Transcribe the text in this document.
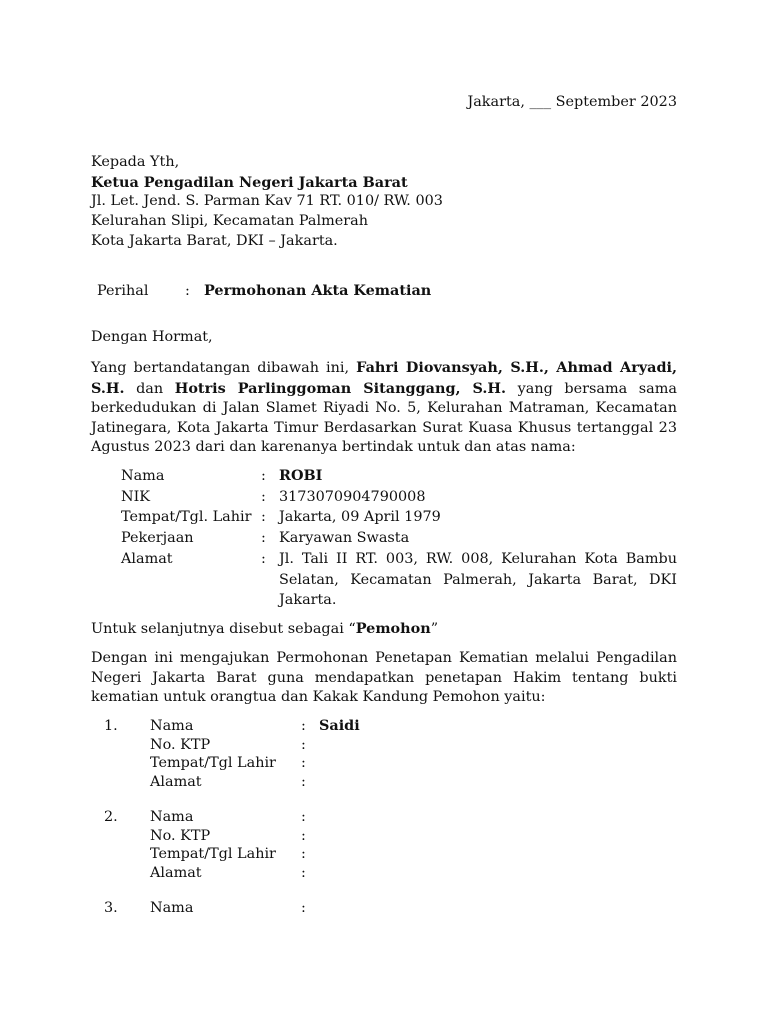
Jakarta, ___ September 2023
Kepada Yth,
Ketua Pengadilan Negeri Jakarta Barat
Jl. Let. Jend. S. Parman Kav 71 RT. 010/ RW. 003
Kelurahan Slipi, Kecamatan Palmerah
Kota Jakarta Barat, DKI – Jakarta.
Perihal	: Permohonan Akta Kematian
Dengan Hormat,
Yang bertandatangan dibawah ini, Fahri Diovansyah, S.H., Ahmad Aryadi, S.H. dan Hotris Parlinggoman Sitanggang, S.H. yang bersama sama berkedudukan di Jalan Slamet Riyadi No. 5, Kelurahan Matraman, Kecamatan Jatinegara, Kota Jakarta Timur Berdasarkan Surat Kuasa Khusus tertanggal 23 Agustus 2023 dari dan karenanya bertindak untuk dan atas nama:
Nama	: ROBI
NIK	: 3173070904790008
Tempat/Tgl. Lahir : Jakarta, 09 April 1979
Pekerjaan	: Karyawan Swasta
Alamat	: Jl. Tali II RT. 003, RW. 008, Kelurahan Kota Bambu Selatan, Kecamatan Palmerah, Jakarta Barat, DKI Jakarta.
Untuk selanjutnya disebut sebagai “Pemohon”
Dengan ini mengajukan Permohonan Penetapan Kematian melalui Pengadilan Negeri Jakarta Barat guna mendapatkan penetapan Hakim tentang bukti kematian untuk orangtua dan Kakak Kandung Pemohon yaitu:
1. Nama	: Saidi
No. KTP	:
Tempat/Tgl Lahir	:
Alamat	:
2. Nama	:
No. KTP	:
Tempat/Tgl Lahir	:
Alamat	:
3. Nama	:
